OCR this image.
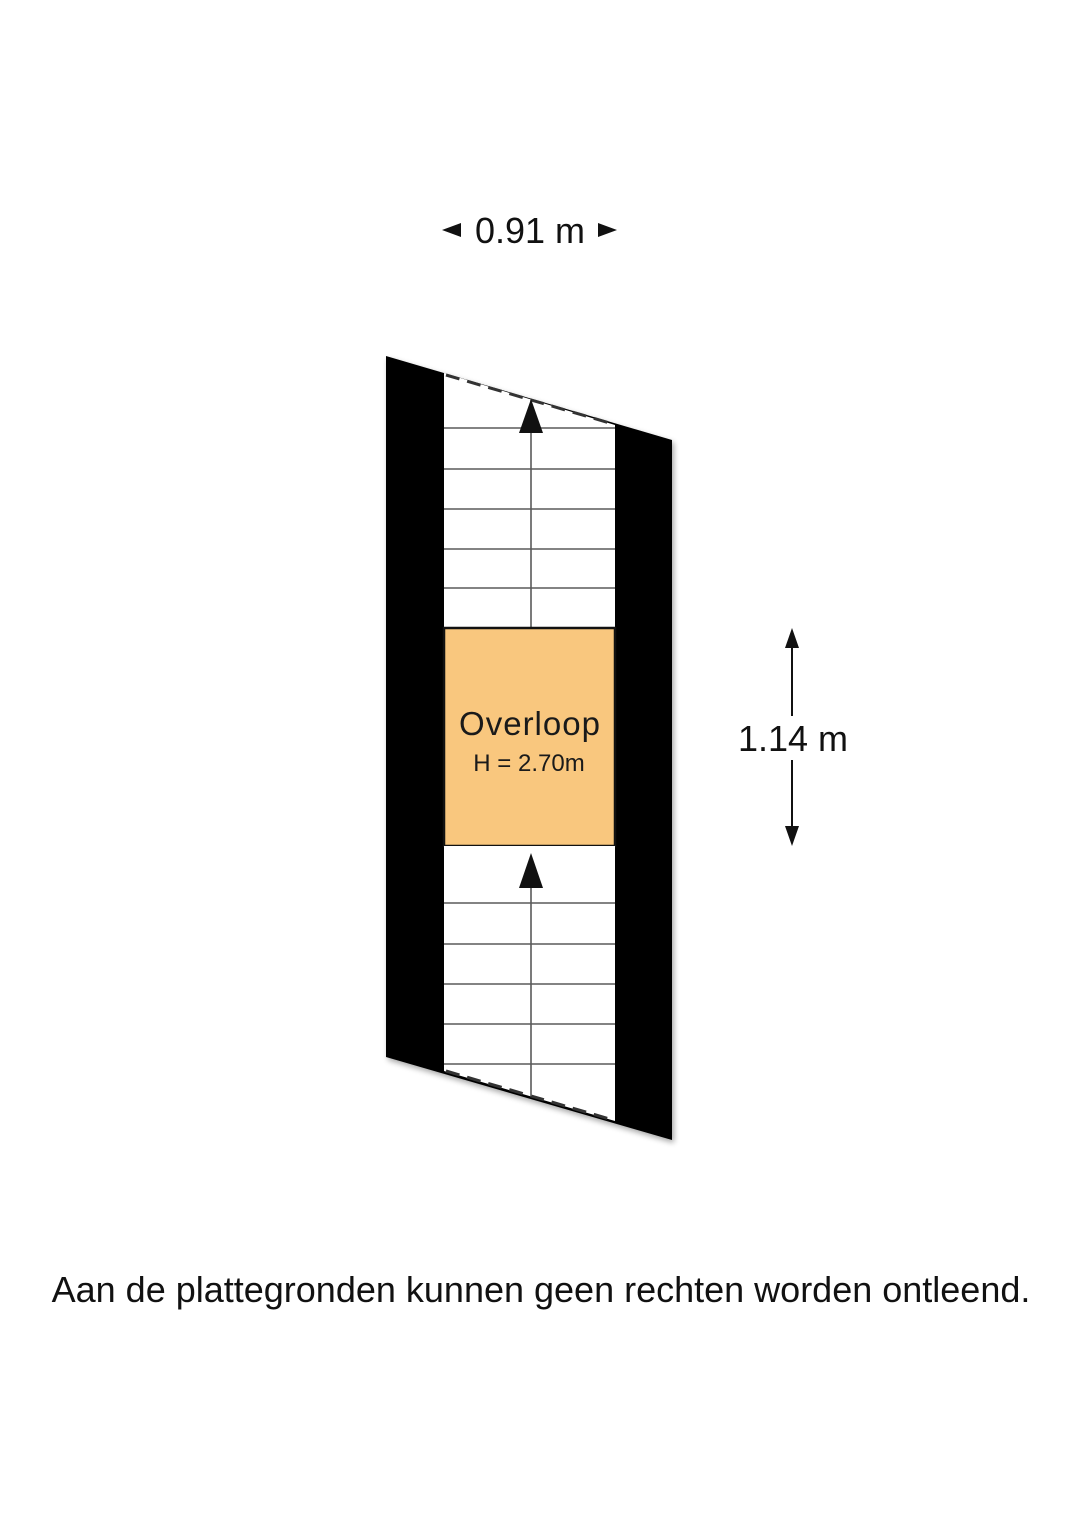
0.91 m
Overloop
H = 2.70m
1.14 m
Aan de plattegronden kunnen geen rechten worden ontleend.
